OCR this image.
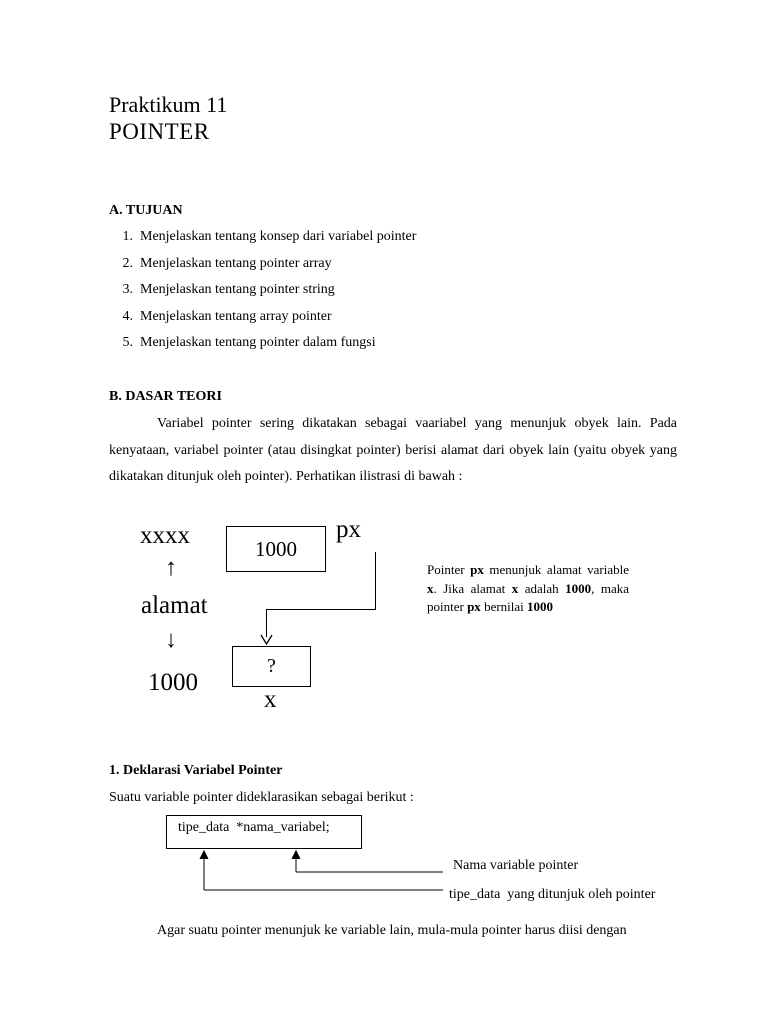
Praktikum 11
POINTER
A. TUJUAN
1. Menjelaskan tentang konsep dari variabel pointer
2. Menjelaskan tentang pointer array
3. Menjelaskan tentang pointer string
4. Menjelaskan tentang array pointer
5. Menjelaskan tentang pointer dalam fungsi
B. DASAR TEORI
Variabel pointer sering dikatakan sebagai vaariabel yang menunjuk obyek lain. Pada kenyataan, variabel pointer (atau disingkat pointer) berisi alamat dari obyek lain (yaitu obyek yang dikatakan ditunjuk oleh pointer). Perhatikan ilistrasi di bawah :
xxxx
↑
alamat
↓
1000
1000
px
?
x
Pointer px menunjuk alamat variable x. Jika alamat x adalah 1000, maka pointer px bernilai 1000
1. Deklarasi Variabel Pointer
Suatu variable pointer dideklarasikan sebagai berikut :
tipe_data  *nama_variabel;
Nama variable pointer
tipe_data  yang ditunjuk oleh pointer
Agar suatu pointer menunjuk ke variable lain, mula-mula pointer harus diisi dengan
